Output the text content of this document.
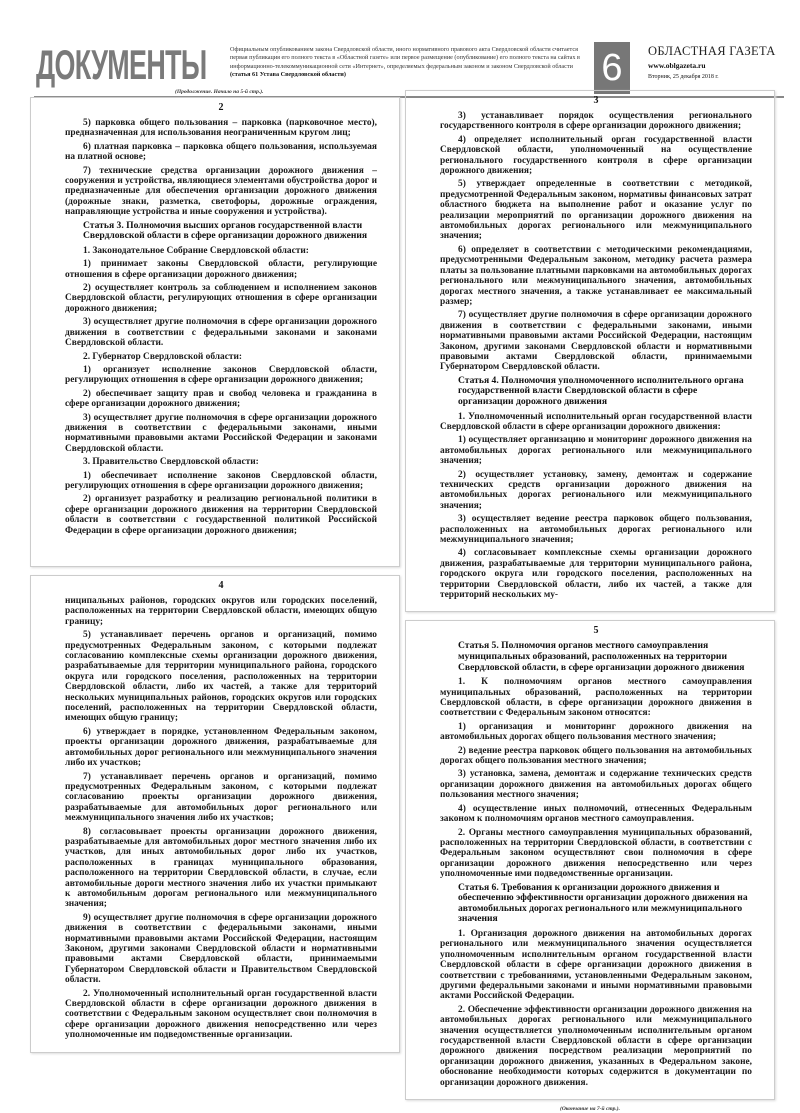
ДОКУМЕНТЫ	Официальным опубликованием закона Свердловской области, иного нормативного правового акта Свердловской области считается первая публикация его полного текста в «Областной газете» или первое размещение (опубликование) его полного текста на сайтах в информационно-телекоммуникационной сети «Интернет», определяемых федеральным законом и законом Свердловской области (статья 61 Устава Свердловской области)	6	ОБЛАСТНАЯ ГАЗЕТА
www.oblgazeta.ru
Вторник, 25 декабря 2018 г.
(Продолжение. Начало на 5-й стр.).
2
5) парковка общего пользования – парковка (парковочное место), предназначенная для использования неограниченным кругом лиц;
6) платная парковка – парковка общего пользования, используемая на платной основе;
7) технические средства организации дорожного движения – сооружения и устройства, являющиеся элементами обустройства дорог и предназначенные для обеспечения организации дорожного движения (дорожные знаки, разметка, светофоры, дорожные ограждения, направляющие устройства и иные сооружения и устройства).
Статья 3. Полномочия высших органов государственной власти Свердловской области в сфере организации дорожного движения
1. Законодательное Собрание Свердловской области:
1) принимает законы Свердловской области, регулирующие отношения в сфере организации дорожного движения;
2) осуществляет контроль за соблюдением и исполнением законов Свердловской области, регулирующих отношения в сфере организации дорожного движения;
3) осуществляет другие полномочия в сфере организации дорожного движения в соответствии с федеральными законами и законами Свердловской области.
2. Губернатор Свердловской области:
1) организует исполнение законов Свердловской области, регулирующих отношения в сфере организации дорожного движения;
2) обеспечивает защиту прав и свобод человека и гражданина в сфере организации дорожного движения;
3) осуществляет другие полномочия в сфере организации дорожного движения в соответствии с федеральными законами, иными нормативными правовыми актами Российской Федерации и законами Свердловской области.
3. Правительство Свердловской области:
1) обеспечивает исполнение законов Свердловской области, регулирующих отношения в сфере организации дорожного движения;
2) организует разработку и реализацию региональной политики в сфере организации дорожного движения на территории Свердловской области в соответствии с государственной политикой Российской Федерации в сфере организации дорожного движения;
4
ниципальных районов, городских округов или городских поселений, расположенных на территории Свердловской области, имеющих общую границу;
5) устанавливает перечень органов и организаций, помимо предусмотренных Федеральным законом, с которыми подлежат согласованию комплексные схемы организации дорожного движения, разрабатываемые для территории муниципального района, городского округа или городского поселения, расположенных на территории Свердловской области, либо их частей, а также для территорий нескольких муниципальных районов, городских округов или городских поселений, расположенных на территории Свердловской области, имеющих общую границу;
6) утверждает в порядке, установленном Федеральным законом, проекты организации дорожного движения, разрабатываемые для автомобильных дорог регионального или межмуниципального значения либо их участков;
7) устанавливает перечень органов и организаций, помимо предусмотренных Федеральным законом, с которыми подлежат согласованию проекты организации дорожного движения, разрабатываемые для автомобильных дорог регионального или межмуниципального значения либо их участков;
8) согласовывает проекты организации дорожного движения, разрабатываемые для автомобильных дорог местного значения либо их участков, для иных автомобильных дорог либо их участков, расположенных в границах муниципального образования, расположенного на территории Свердловской области, в случае, если автомобильные дороги местного значения либо их участки примыкают к автомобильным дорогам регионального или межмуниципального значения;
9) осуществляет другие полномочия в сфере организации дорожного движения в соответствии с федеральными законами, иными нормативными правовыми актами Российской Федерации, настоящим Законом, другими законами Свердловской области и нормативными правовыми актами Свердловской области, принимаемыми Губернатором Свердловской области и Правительством Свердловской области.
2. Уполномоченный исполнительный орган государственной власти Свердловской области в сфере организации дорожного движения в соответствии с Федеральным законом осуществляет свои полномочия в сфере организации дорожного движения непосредственно или через уполномоченные им подведомственные организации.
3
3) устанавливает порядок осуществления регионального государственного контроля в сфере организации дорожного движения;
4) определяет исполнительный орган государственной власти Свердловской области, уполномоченный на осуществление регионального государственного контроля в сфере организации дорожного движения;
5) утверждает определенные в соответствии с методикой, предусмотренной Федеральным законом, нормативы финансовых затрат областного бюджета на выполнение работ и оказание услуг по реализации мероприятий по организации дорожного движения на автомобильных дорогах регионального или межмуниципального значения;
6) определяет в соответствии с методическими рекомендациями, предусмотренными Федеральным законом, методику расчета размера платы за пользование платными парковками на автомобильных дорогах регионального или межмуниципального значения, автомобильных дорогах местного значения, а также устанавливает ее максимальный размер;
7) осуществляет другие полномочия в сфере организации дорожного движения в соответствии с федеральными законами, иными нормативными правовыми актами Российской Федерации, настоящим Законом, другими законами Свердловской области и нормативными правовыми актами Свердловской области, принимаемыми Губернатором Свердловской области.
Статья 4. Полномочия уполномоченного исполнительного органа государственной власти Свердловской области в сфере организации дорожного движения
1. Уполномоченный исполнительный орган государственной власти Свердловской области в сфере организации дорожного движения:
1) осуществляет организацию и мониторинг дорожного движения на автомобильных дорогах регионального или межмуниципального значения;
2) осуществляет установку, замену, демонтаж и содержание технических средств организации дорожного движения на автомобильных дорогах регионального или межмуниципального значения;
3) осуществляет ведение реестра парковок общего пользования, расположенных на автомобильных дорогах регионального или межмуниципального значения;
4) согласовывает комплексные схемы организации дорожного движения, разрабатываемые для территории муниципального района, городского округа или городского поселения, расположенных на территории Свердловской области, либо их частей, а также для территорий нескольких му-
5
Статья 5. Полномочия органов местного самоуправления муниципальных образований, расположенных на территории Свердловской области, в сфере организации дорожного движения
1. К полномочиям органов местного самоуправления муниципальных образований, расположенных на территории Свердловской области, в сфере организации дорожного движения в соответствии с Федеральным законом относятся:
1) организация и мониторинг дорожного движения на автомобильных дорогах общего пользования местного значения;
2) ведение реестра парковок общего пользования на автомобильных дорогах общего пользования местного значения;
3) установка, замена, демонтаж и содержание технических средств организации дорожного движения на автомобильных дорогах общего пользования местного значения;
4) осуществление иных полномочий, отнесенных Федеральным законом к полномочиям органов местного самоуправления.
2. Органы местного самоуправления муниципальных образований, расположенных на территории Свердловской области, в соответствии с Федеральным законом осуществляют свои полномочия в сфере организации дорожного движения непосредственно или через уполномоченные ими подведомственные организации.
Статья 6. Требования к организации дорожного движения и обеспечению эффективности организации дорожного движения на автомобильных дорогах регионального или межмуниципального значения
1. Организация дорожного движения на автомобильных дорогах регионального или межмуниципального значения осуществляется уполномоченным исполнительным органом государственной власти Свердловской области в сфере организации дорожного движения в соответствии с требованиями, установленными Федеральным законом, другими федеральными законами и иными нормативными правовыми актами Российской Федерации.
2. Обеспечение эффективности организации дорожного движения на автомобильных дорогах регионального или межмуниципального значения осуществляется уполномоченным исполнительным органом государственной власти Свердловской области в сфере организации дорожного движения посредством реализации мероприятий по организации дорожного движения, указанных в Федеральном законе, обоснование необходимости которых содержится в документации по организации дорожного движения.
(Окончание на 7-й стр.).
